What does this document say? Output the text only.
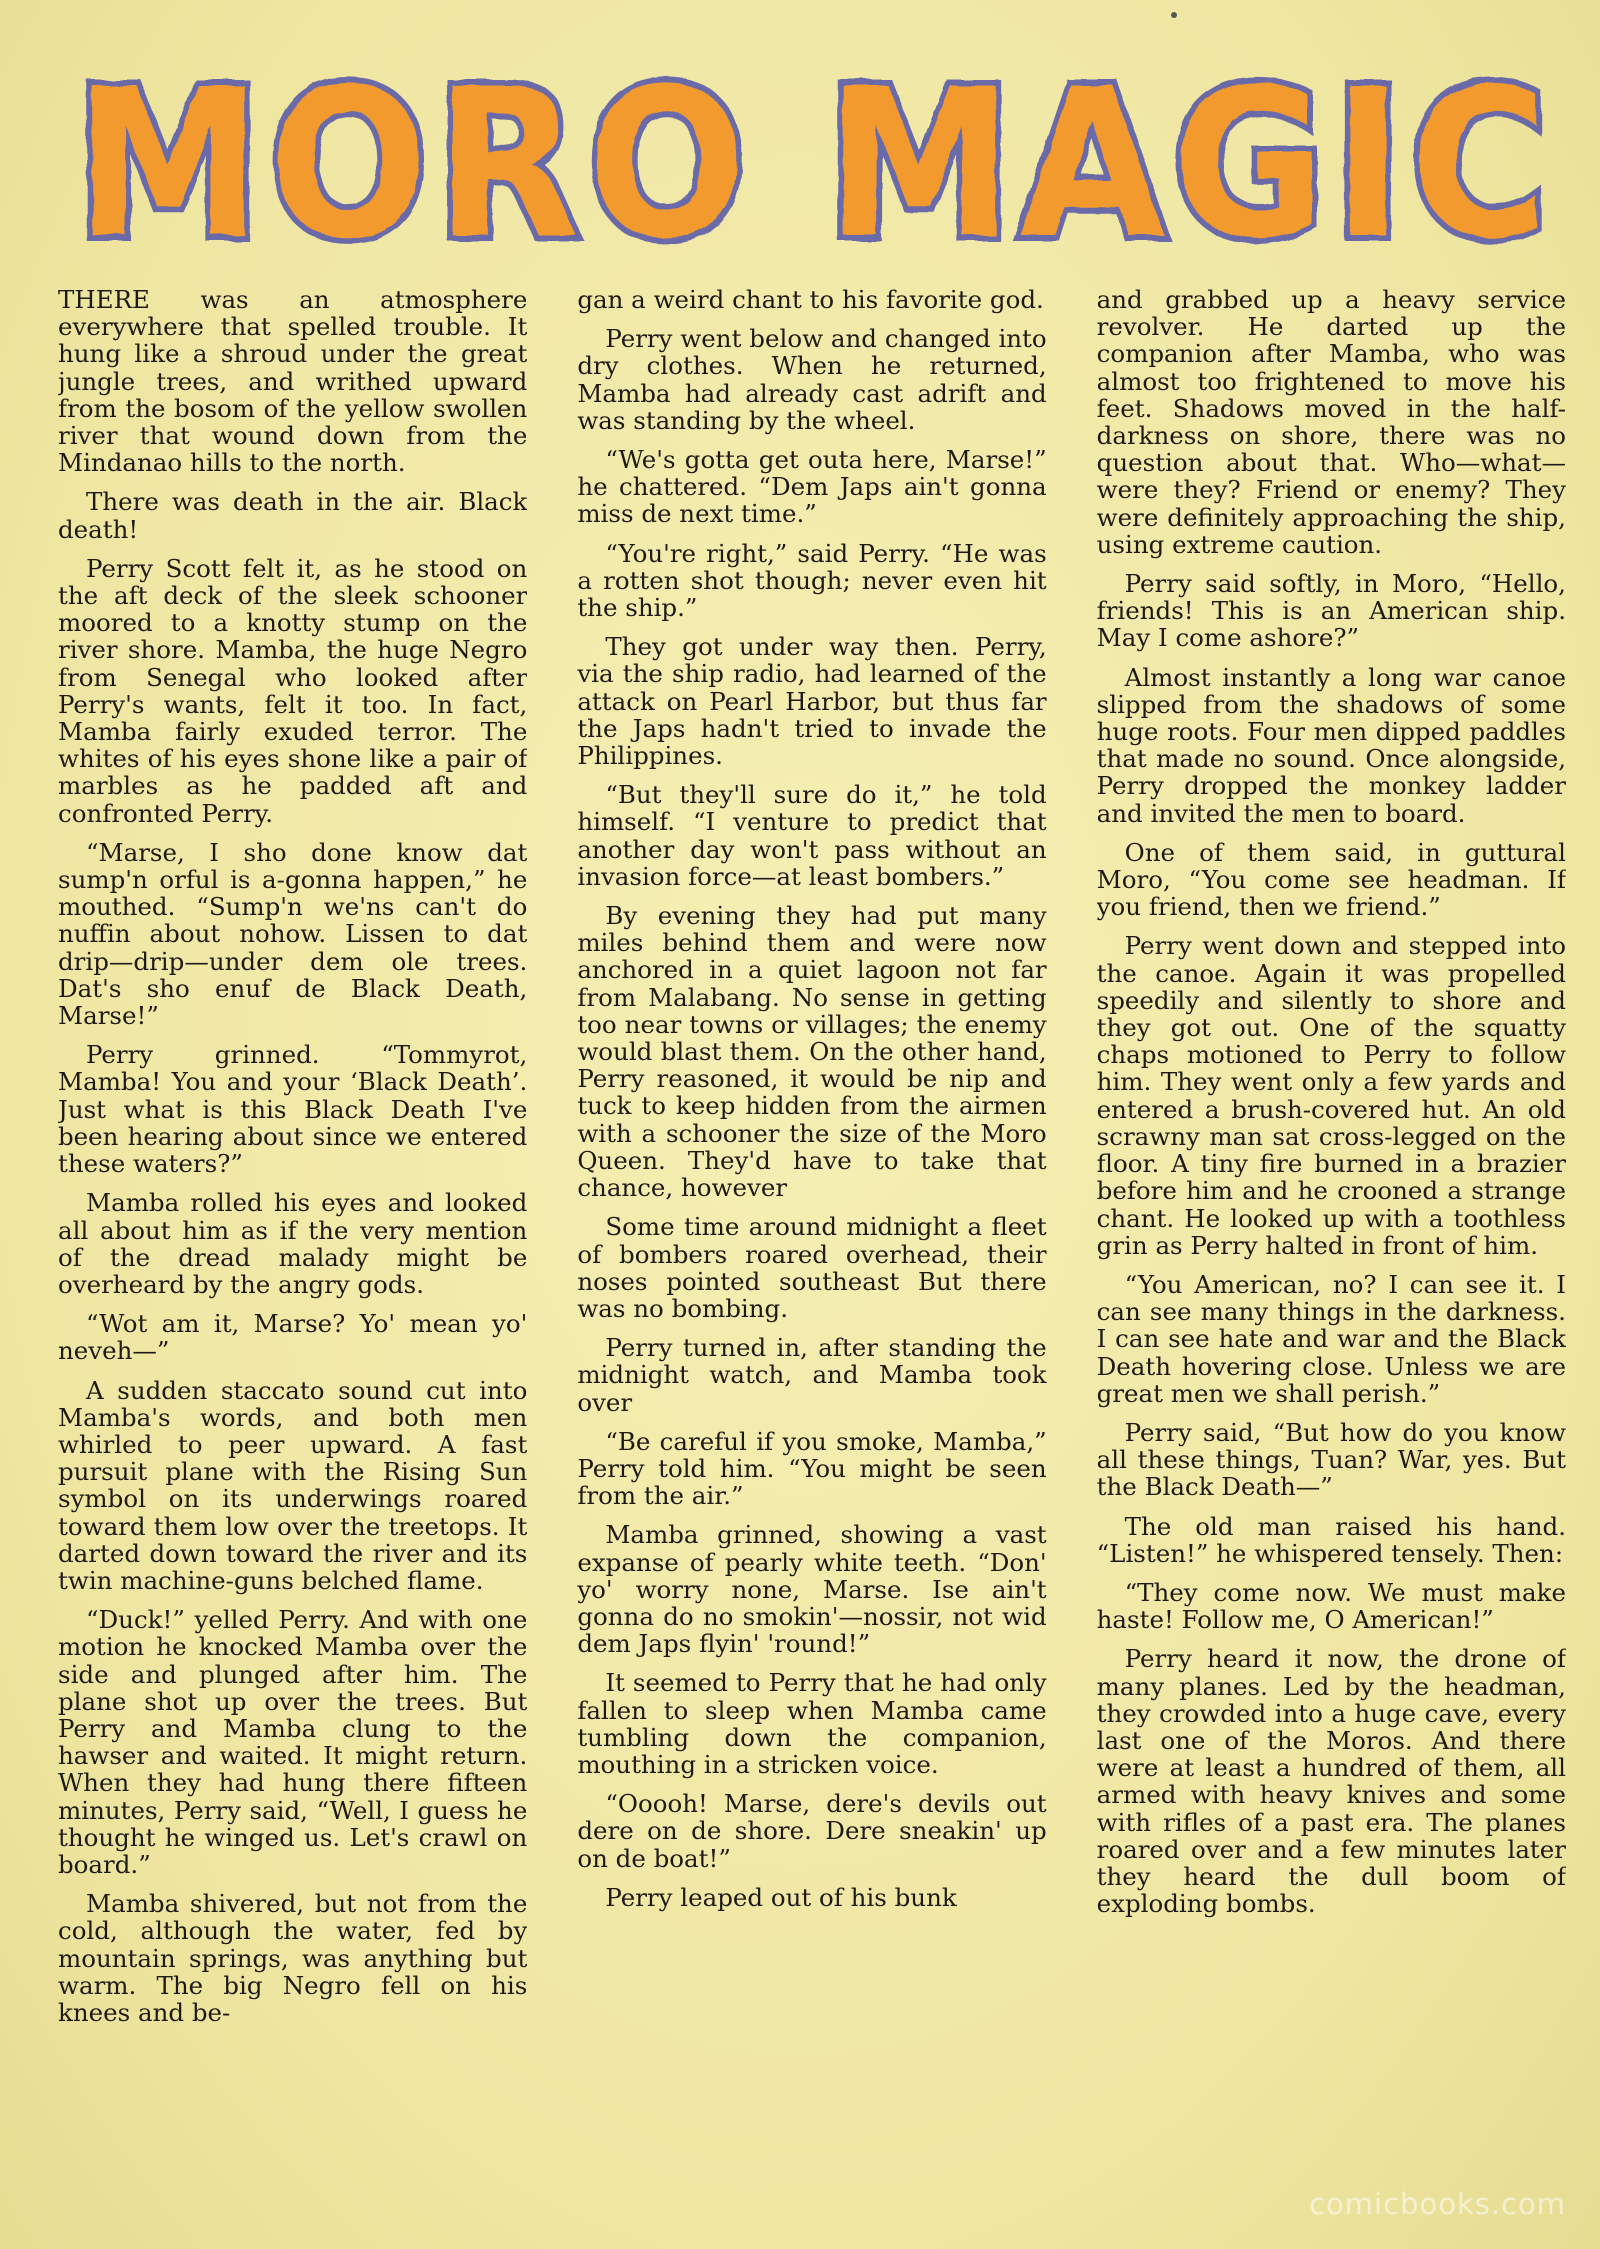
MORO MAGIC

THERE was an atmosphere everywhere that spelled trouble. It hung like a shroud under the great jungle trees, and writhed upward from the bosom of the yellow swollen river that wound down from the Mindanao hills to the north.

There was death in the air. Black death!

Perry Scott felt it, as he stood on the aft deck of the sleek schooner moored to a knotty stump on the river shore. Mamba, the huge Negro from Senegal who looked after Perry's wants, felt it too. In fact, Mamba fairly exuded terror. The whites of his eyes shone like a pair of marbles as he padded aft and confronted Perry.

“Marse, I sho done know dat sump'n orful is a-gonna happen,” he mouthed. “Sump'n we'ns can't do nuffin about nohow. Lissen to dat drip—drip—under dem ole trees. Dat's sho enuf de Black Death, Marse!”

Perry grinned. “Tommyrot, Mamba! You and your ‘Black Death’. Just what is this Black Death I've been hearing about since we entered these waters?”

Mamba rolled his eyes and looked all about him as if the very mention of the dread malady might be overheard by the angry gods.

“Wot am it, Marse? Yo' mean yo' neveh—”

A sudden staccato sound cut into Mamba's words, and both men whirled to peer upward. A fast pursuit plane with the Rising Sun symbol on its underwings roared toward them low over the treetops. It darted down toward the river and its twin machine-guns belched flame.

“Duck!” yelled Perry. And with one motion he knocked Mamba over the side and plunged after him. The plane shot up over the trees. But Perry and Mamba clung to the hawser and waited. It might return. When they had hung there fifteen minutes, Perry said, “Well, I guess he thought he winged us. Let's crawl on board.”

Mamba shivered, but not from the cold, although the water, fed by mountain springs, was anything but warm. The big Negro fell on his knees and be-

gan a weird chant to his favorite god.

Perry went below and changed into dry clothes. When he returned, Mamba had already cast adrift and was standing by the wheel.

“We's gotta get outa here, Marse!” he chattered. “Dem Japs ain't gonna miss de next time.”

“You're right,” said Perry. “He was a rotten shot though; never even hit the ship.”

They got under way then. Perry, via the ship radio, had learned of the attack on Pearl Harbor, but thus far the Japs hadn't tried to invade the Philippines.

“But they'll sure do it,” he told himself. “I venture to predict that another day won't pass without an invasion force—at least bombers.”

By evening they had put many miles behind them and were now anchored in a quiet lagoon not far from Malabang. No sense in getting too near towns or villages; the enemy would blast them. On the other hand, Perry reasoned, it would be nip and tuck to keep hidden from the airmen with a schooner the size of the Moro Queen. They'd have to take that chance, however

Some time around midnight a fleet of bombers roared overhead, their noses pointed southeast But there was no bombing.

Perry turned in, after standing the midnight watch, and Mamba took over

“Be careful if you smoke, Mamba,” Perry told him. “You might be seen from the air.”

Mamba grinned, showing a vast expanse of pearly white teeth. “Don' yo' worry none, Marse. Ise ain't gonna do no smokin'—nossir, not wid dem Japs flyin' 'round!”

It seemed to Perry that he had only fallen to sleep when Mamba came tumbling down the companion, mouthing in a stricken voice.

“Ooooh! Marse, dere's devils out dere on de shore. Dere sneakin' up on de boat!”

Perry leaped out of his bunk

and grabbed up a heavy service revolver. He darted up the companion after Mamba, who was almost too frightened to move his feet. Shadows moved in the half-darkness on shore, there was no question about that. Who—what—were they? Friend or enemy? They were definitely approaching the ship, using extreme caution.

Perry said softly, in Moro, “Hello, friends! This is an American ship. May I come ashore?”

Almost instantly a long war canoe slipped from the shadows of some huge roots. Four men dipped paddles that made no sound. Once alongside, Perry dropped the monkey ladder and invited the men to board.

One of them said, in guttural Moro, “You come see headman. If you friend, then we friend.”

Perry went down and stepped into the canoe. Again it was propelled speedily and silently to shore and they got out. One of the squatty chaps motioned to Perry to follow him. They went only a few yards and entered a brush-covered hut. An old scrawny man sat cross-legged on the floor. A tiny fire burned in a brazier before him and he crooned a strange chant. He looked up with a toothless grin as Perry halted in front of him.

“You American, no? I can see it. I can see many things in the darkness. I can see hate and war and the Black Death hovering close. Unless we are great men we shall perish.”

Perry said, “But how do you know all these things, Tuan? War, yes. But the Black Death—”

The old man raised his hand. “Listen!” he whispered tensely. Then:

“They come now. We must make haste! Follow me, O American!”

Perry heard it now, the drone of many planes. Led by the headman, they crowded into a huge cave, every last one of the Moros. And there were at least a hundred of them, all armed with heavy knives and some with rifles of a past era. The planes roared over and a few minutes later they heard the dull boom of exploding bombs.

comicbooks.com
